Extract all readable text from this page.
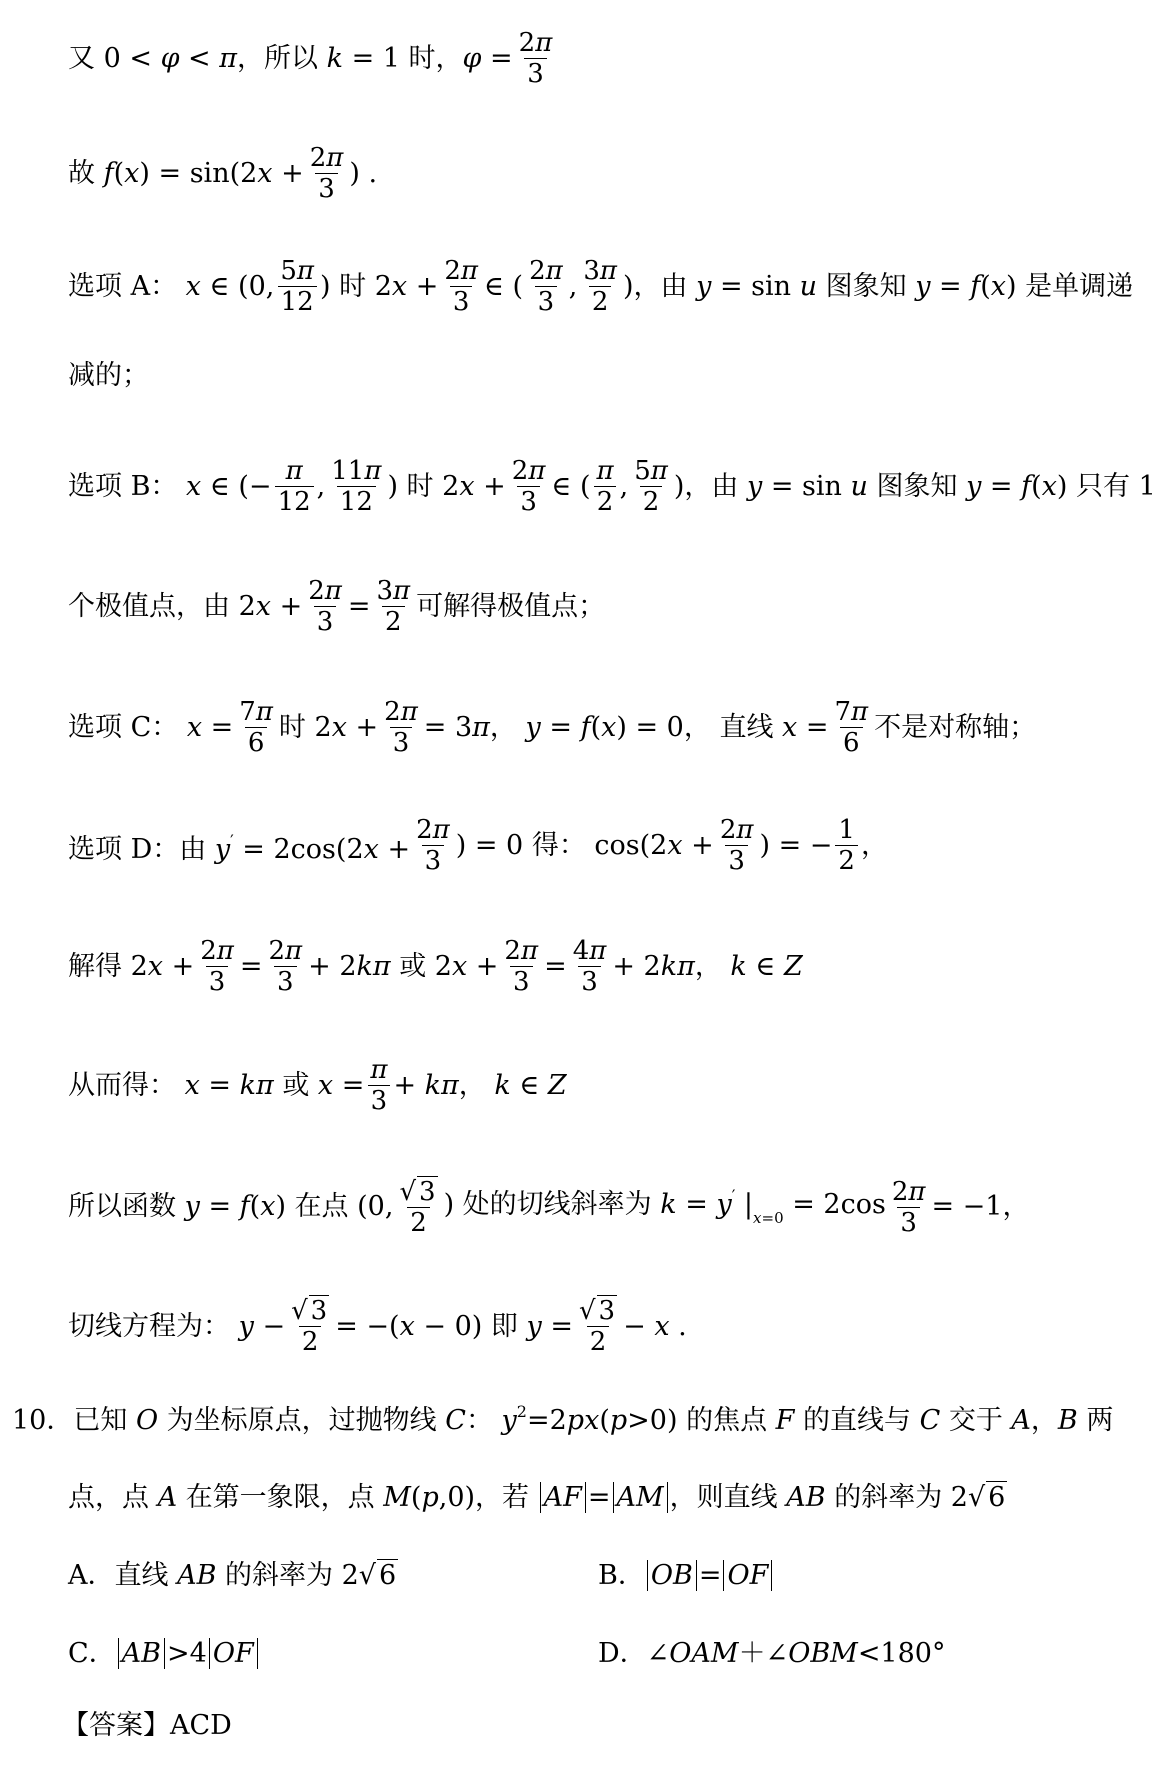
又 0 < φ < π，所以 k = 1 时，$\varphi = \frac{2\pi}{3}$
故 $f(x) = \sin(2x + \frac{2\pi}{3}$ ) .
选项 A： x ∈ (0, $\frac{5\pi}{12}$ ) 时 $2x + \frac{2\pi}{3}$ ∈ ( $\frac{2\pi}{3}$ , $\frac{3\pi}{2}$ )，由 y = sin u 图象知 y = f(x) 是单调递
减的；
选项 B： x ∈ (− $\frac{\pi}{12}$ , $\frac{11\pi}{12}$ ) 时 $2x + \frac{2\pi}{3}$ ∈ ( $\frac{\pi}{2}$ , $\frac{5\pi}{2}$ )，由 y = sin u 图象知 y = f(x) 只有 1
个极值点，由 $2x + \frac{2\pi}{3} = \frac{3\pi}{2}$ 可解得极值点；
选项 C： $x = \frac{7\pi}{6}$ 时 $2x + \frac{2\pi}{3} = 3\pi$， y = f(x) = 0， 直线 $x = \frac{7\pi}{6}$ 不是对称轴；
选项 D：由 $y' = 2\cos(2x + \frac{2\pi}{3}$ ) = 0 得： $\cos(2x + \frac{2\pi}{3}$ ) = − $\frac{1}{2}$ ，
解得 $2x + \frac{2\pi}{3} = \frac{2\pi}{3} + 2k\pi$ 或 $2x + \frac{2\pi}{3} = \frac{4\pi}{3} + 2k\pi$， k ∈ Z
从而得： x = kπ 或 $x = \frac{\pi}{3} + k\pi$， k ∈ Z
所以函数 y = f(x) 在点 (0, $\frac{√ 3}{2}$ ) 处的切线斜率为 k = y′ $|_{x=0} = 2\cos \frac{2\pi}{3} = -1$，
切线方程为： $y - \frac{√ 3}{2} = -(x - 0)$ 即 $y = \frac{√ 3}{2} - x$ .
10．已知 O 为坐标原点，过抛物线 C： $y^2=2px(p>0)$ 的焦点 F 的直线与 C 交于 A，B 两
点，点 A 在第一象限，点 M(p,0)，若 AF = AM ，则直线 AB 的斜率为 2√ 6
A．直线 AB 的斜率为 2√ 6	B． OB = OF
C． AB >4 OF	D．∠OAM＋∠OBM<180°
【答案】ACD
